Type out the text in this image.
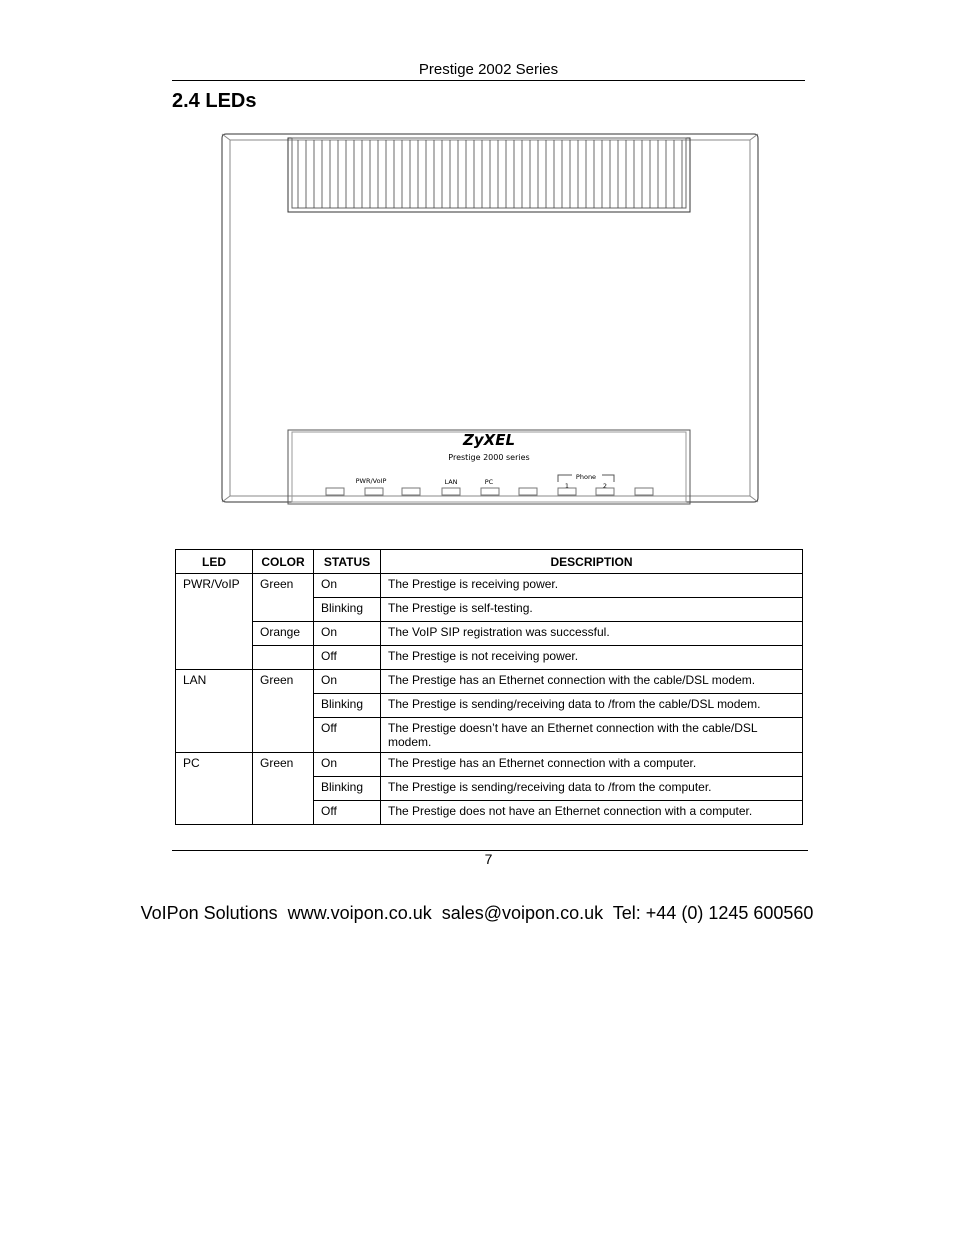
Prestige 2002 Series
2.4 LEDs
ZyXEL
Prestige 2000 series
PWR/VoIP	LAN	PC
Phone
1	2
LED	COLOR	STATUS	DESCRIPTION
PWR/VoIP	Green	On	The Prestige is receiving power.
		Blinking	The Prestige is self-testing.
	Orange	On	The VoIP SIP registration was successful.
		Off	The Prestige is not receiving power.
LAN	Green	On	The Prestige has an Ethernet connection with the cable/DSL modem.
		Blinking	The Prestige is sending/receiving data to /from the cable/DSL modem.
		Off	The Prestige doesn’t have an Ethernet connection with the cable/DSL modem.
PC	Green	On	The Prestige has an Ethernet connection with a computer.
		Blinking	The Prestige is sending/receiving data to /from the computer.
		Off	The Prestige does not have an Ethernet connection with a computer.
7
VoIPon Solutions  www.voipon.co.uk  sales@voipon.co.uk  Tel: +44 (0) 1245 600560
